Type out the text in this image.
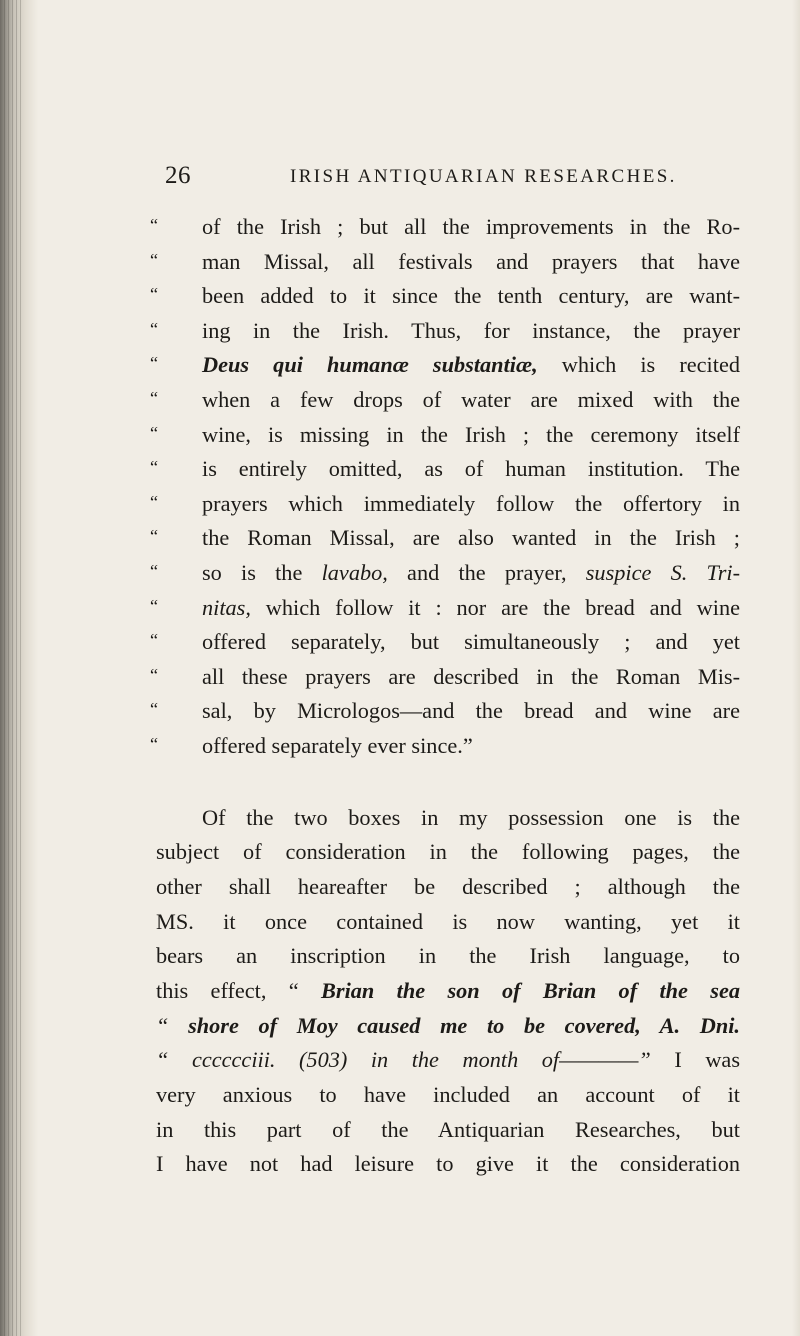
26	IRISH ANTIQUARIAN RESEARCHES.
“ of the Irish ; but all the improvements in the Ro-
“ man Missal, all festivals and prayers that have
“ been added to it since the tenth century, are want-
“ ing in the Irish. Thus, for instance, the prayer
“ Deus qui humanæ substantiæ, which is recited
“ when a few drops of water are mixed with the
“ wine, is missing in the Irish ; the ceremony itself
“ is entirely omitted, as of human institution. The
“ prayers which immediately follow the offertory in
“ the Roman Missal, are also wanted in the Irish ;
“ so is the lavabo, and the prayer, suspice S. Tri-
“ nitas, which follow it : nor are the bread and wine
“ offered separately, but simultaneously ; and yet
“ all these prayers are described in the Roman Mis-
“ sal, by Micrologos—and the bread and wine are
“ offered separately ever since.”
Of the two boxes in my possession one is the
subject of consideration in the following pages, the
other shall heareafter be described ; although the
MS. it once contained is now wanting, yet it
bears an inscription in the Irish language, to
this effect, “ Brian the son of Brian of the sea
“ shore of Moy caused me to be covered, A. Dni.
“ cccccciii. (503) in the month of————” I was
very anxious to have included an account of it
in this part of the Antiquarian Researches, but
I have not had leisure to give it the consideration
